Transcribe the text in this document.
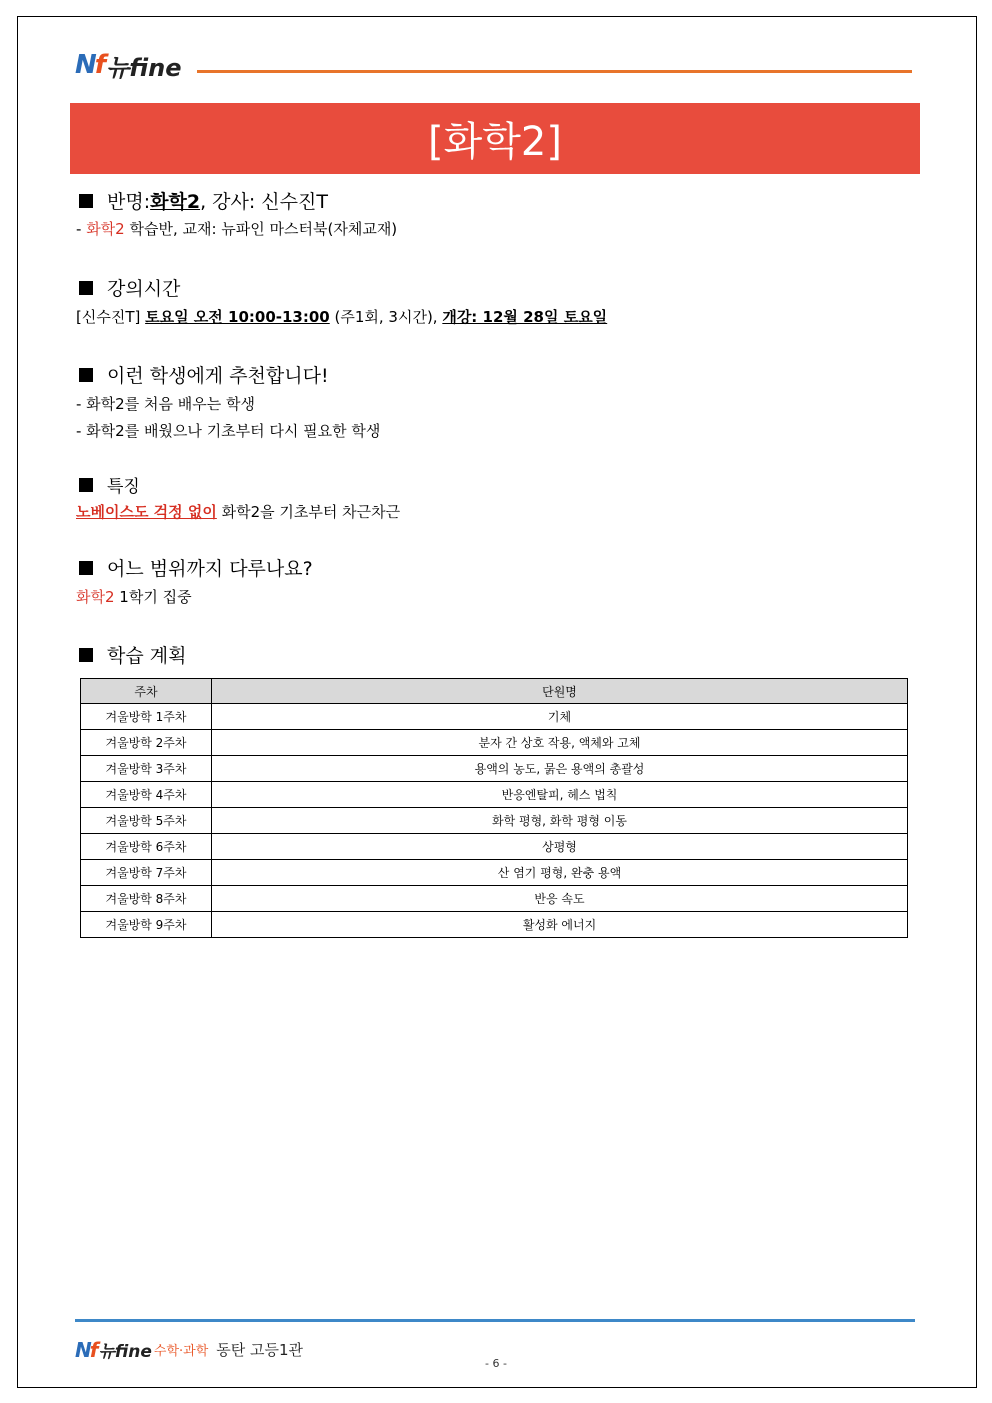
Nf 뉴fine
[화학2]
반명: 화학2 , 강사: 신수진T
- 화학2 학습반, 교재: 뉴파인 마스터북(자체교재)
강의시간
[신수진T] 토요일 오전 10:00-13:00 (주1회, 3시간), 개강: 12월 28일 토요일
이런 학생에게 추천합니다!
- 화학2를 처음 배우는 학생
- 화학2를 배웠으나 기초부터 다시 필요한 학생
특징
노베이스도 걱정 없이 화학2을 기초부터 차근차근
어느 범위까지 다루나요?
화학2 1학기 집중
학습 계획
주차	단원명
겨울방학 1주차	기체
겨울방학 2주차	분자 간 상호 작용, 액체와 고체
겨울방학 3주차	용액의 농도, 묽은 용액의 총괄성
겨울방학 4주차	반응엔탈피, 헤스 법칙
겨울방학 5주차	화학 평형, 화학 평형 이동
겨울방학 6주차	상평형
겨울방학 7주차	산 염기 평형, 완충 용액
겨울방학 8주차	반응 속도
겨울방학 9주차	활성화 에너지
Nf 뉴fine 수학·과학 동탄 고등1관
- 6 -
